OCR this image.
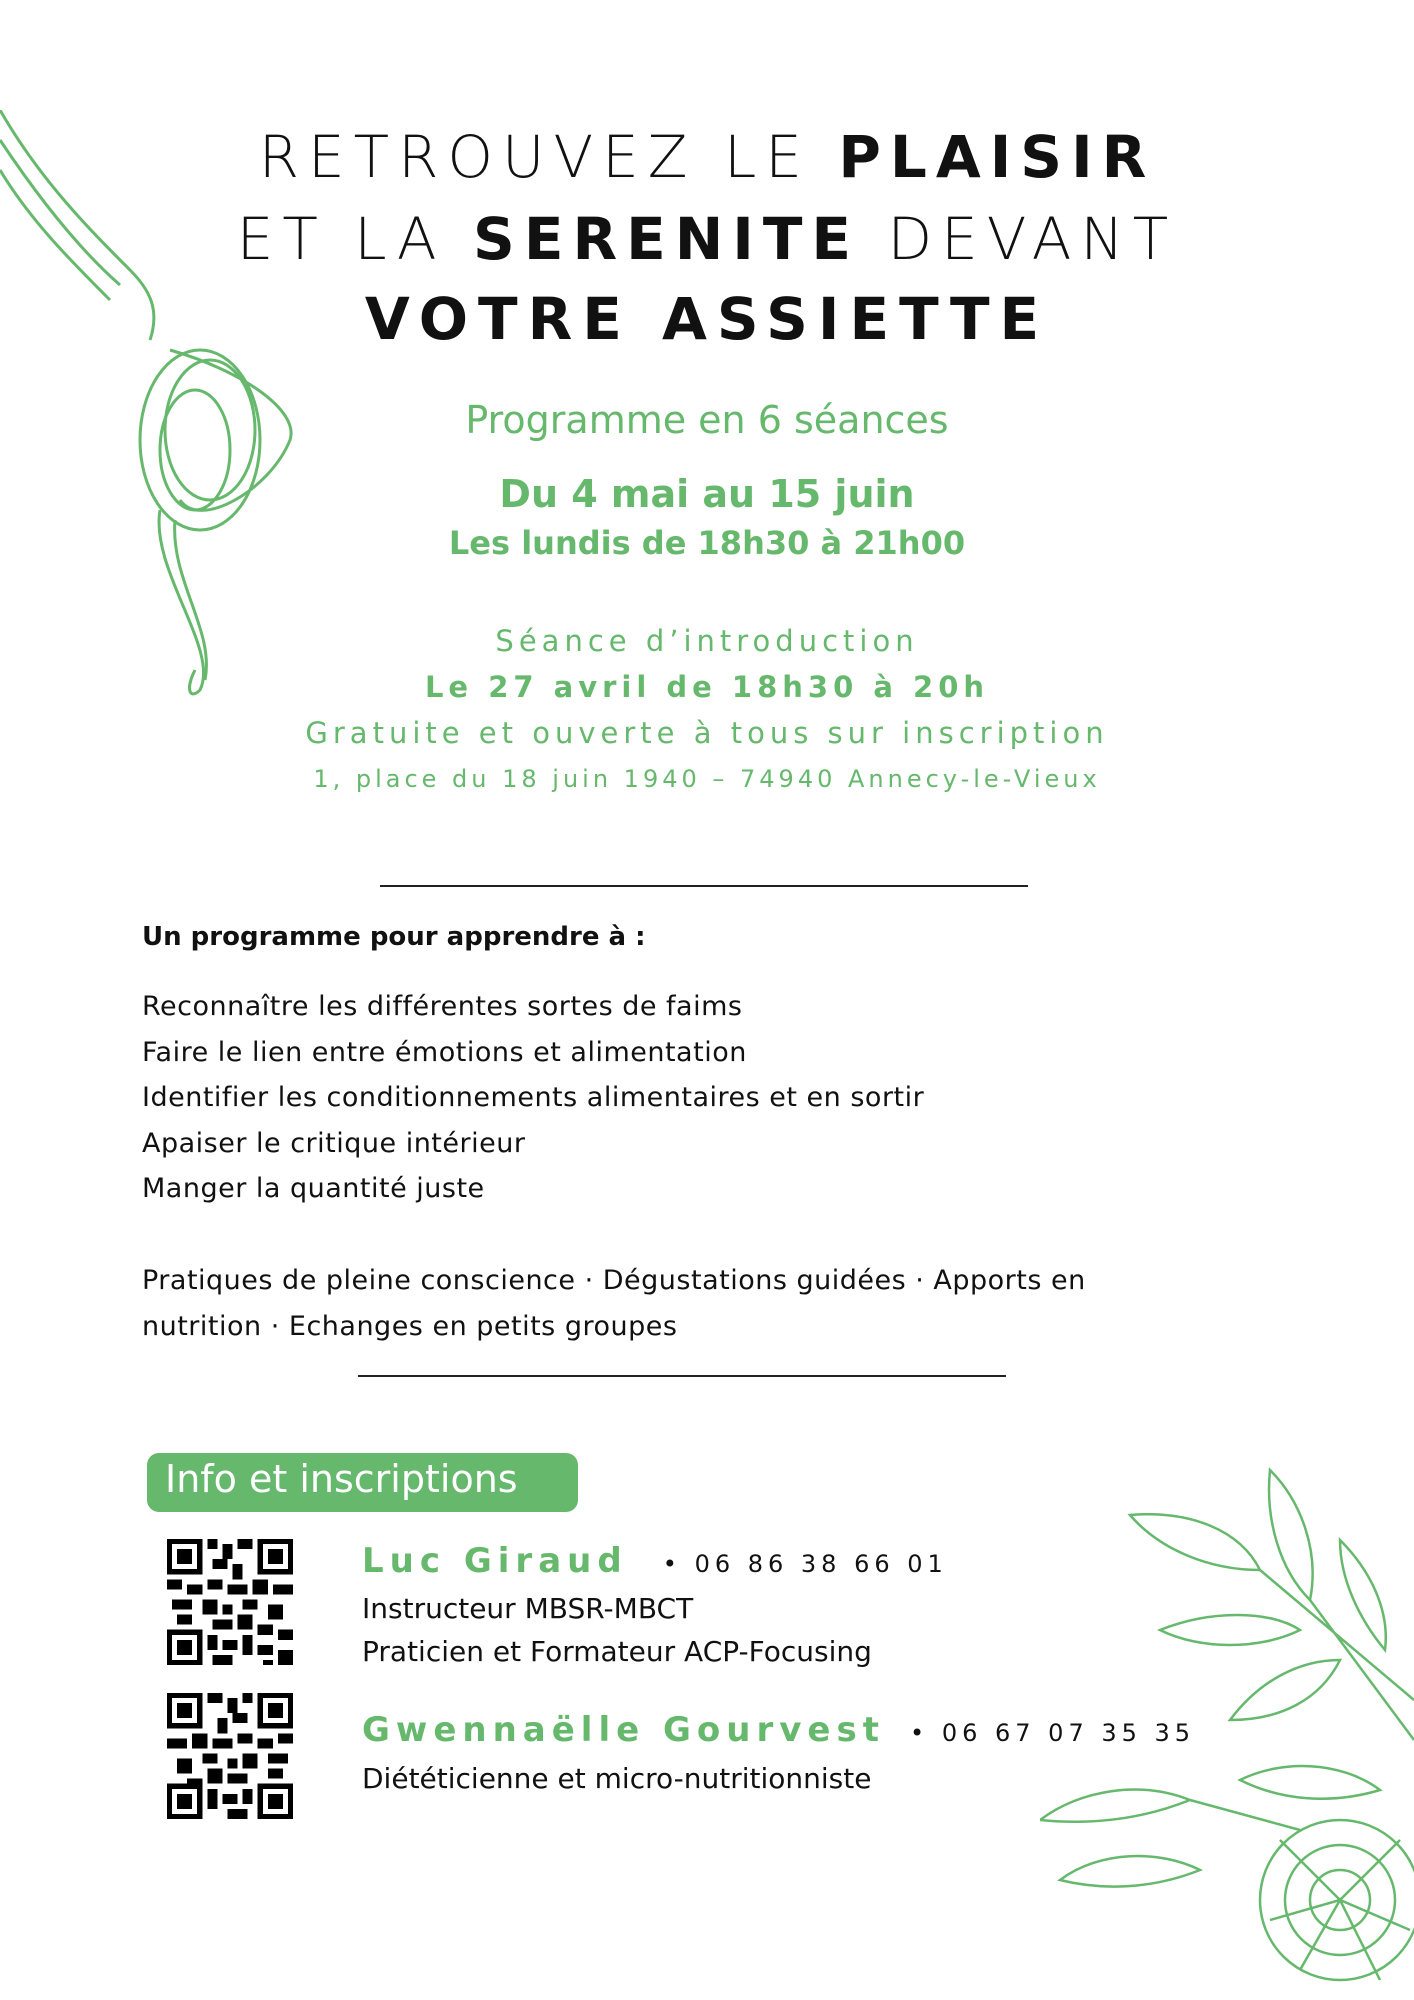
RETROUVEZ LE PLAISIR
ET LA SERENITE DEVANT
VOTRE ASSIETTE
Programme en 6 séances
Du 4 mai au 15 juin
Les lundis de 18h30 à 21h00
Séance d’introduction
Le 27 avril de 18h30 à 20h
Gratuite et ouverte à tous sur inscription
1, place du 18 juin 1940 – 74940 Annecy-le-Vieux
Un programme pour apprendre à :
Reconnaître les différentes sortes de faims
Faire le lien entre émotions et alimentation
Identifier les conditionnements alimentaires et en sortir
Apaiser le critique intérieur
Manger la quantité juste
Pratiques de pleine conscience · Dégustations guidées · Apports en
nutrition · Echanges en petits groupes
Info et inscriptions
Luc Giraud • 06 86 38 66 01
Instructeur MBSR-MBCT
Praticien et Formateur ACP-Focusing
Gwennaëlle Gourvest • 06 67 07 35 35
Diététicienne et micro-nutritionniste
